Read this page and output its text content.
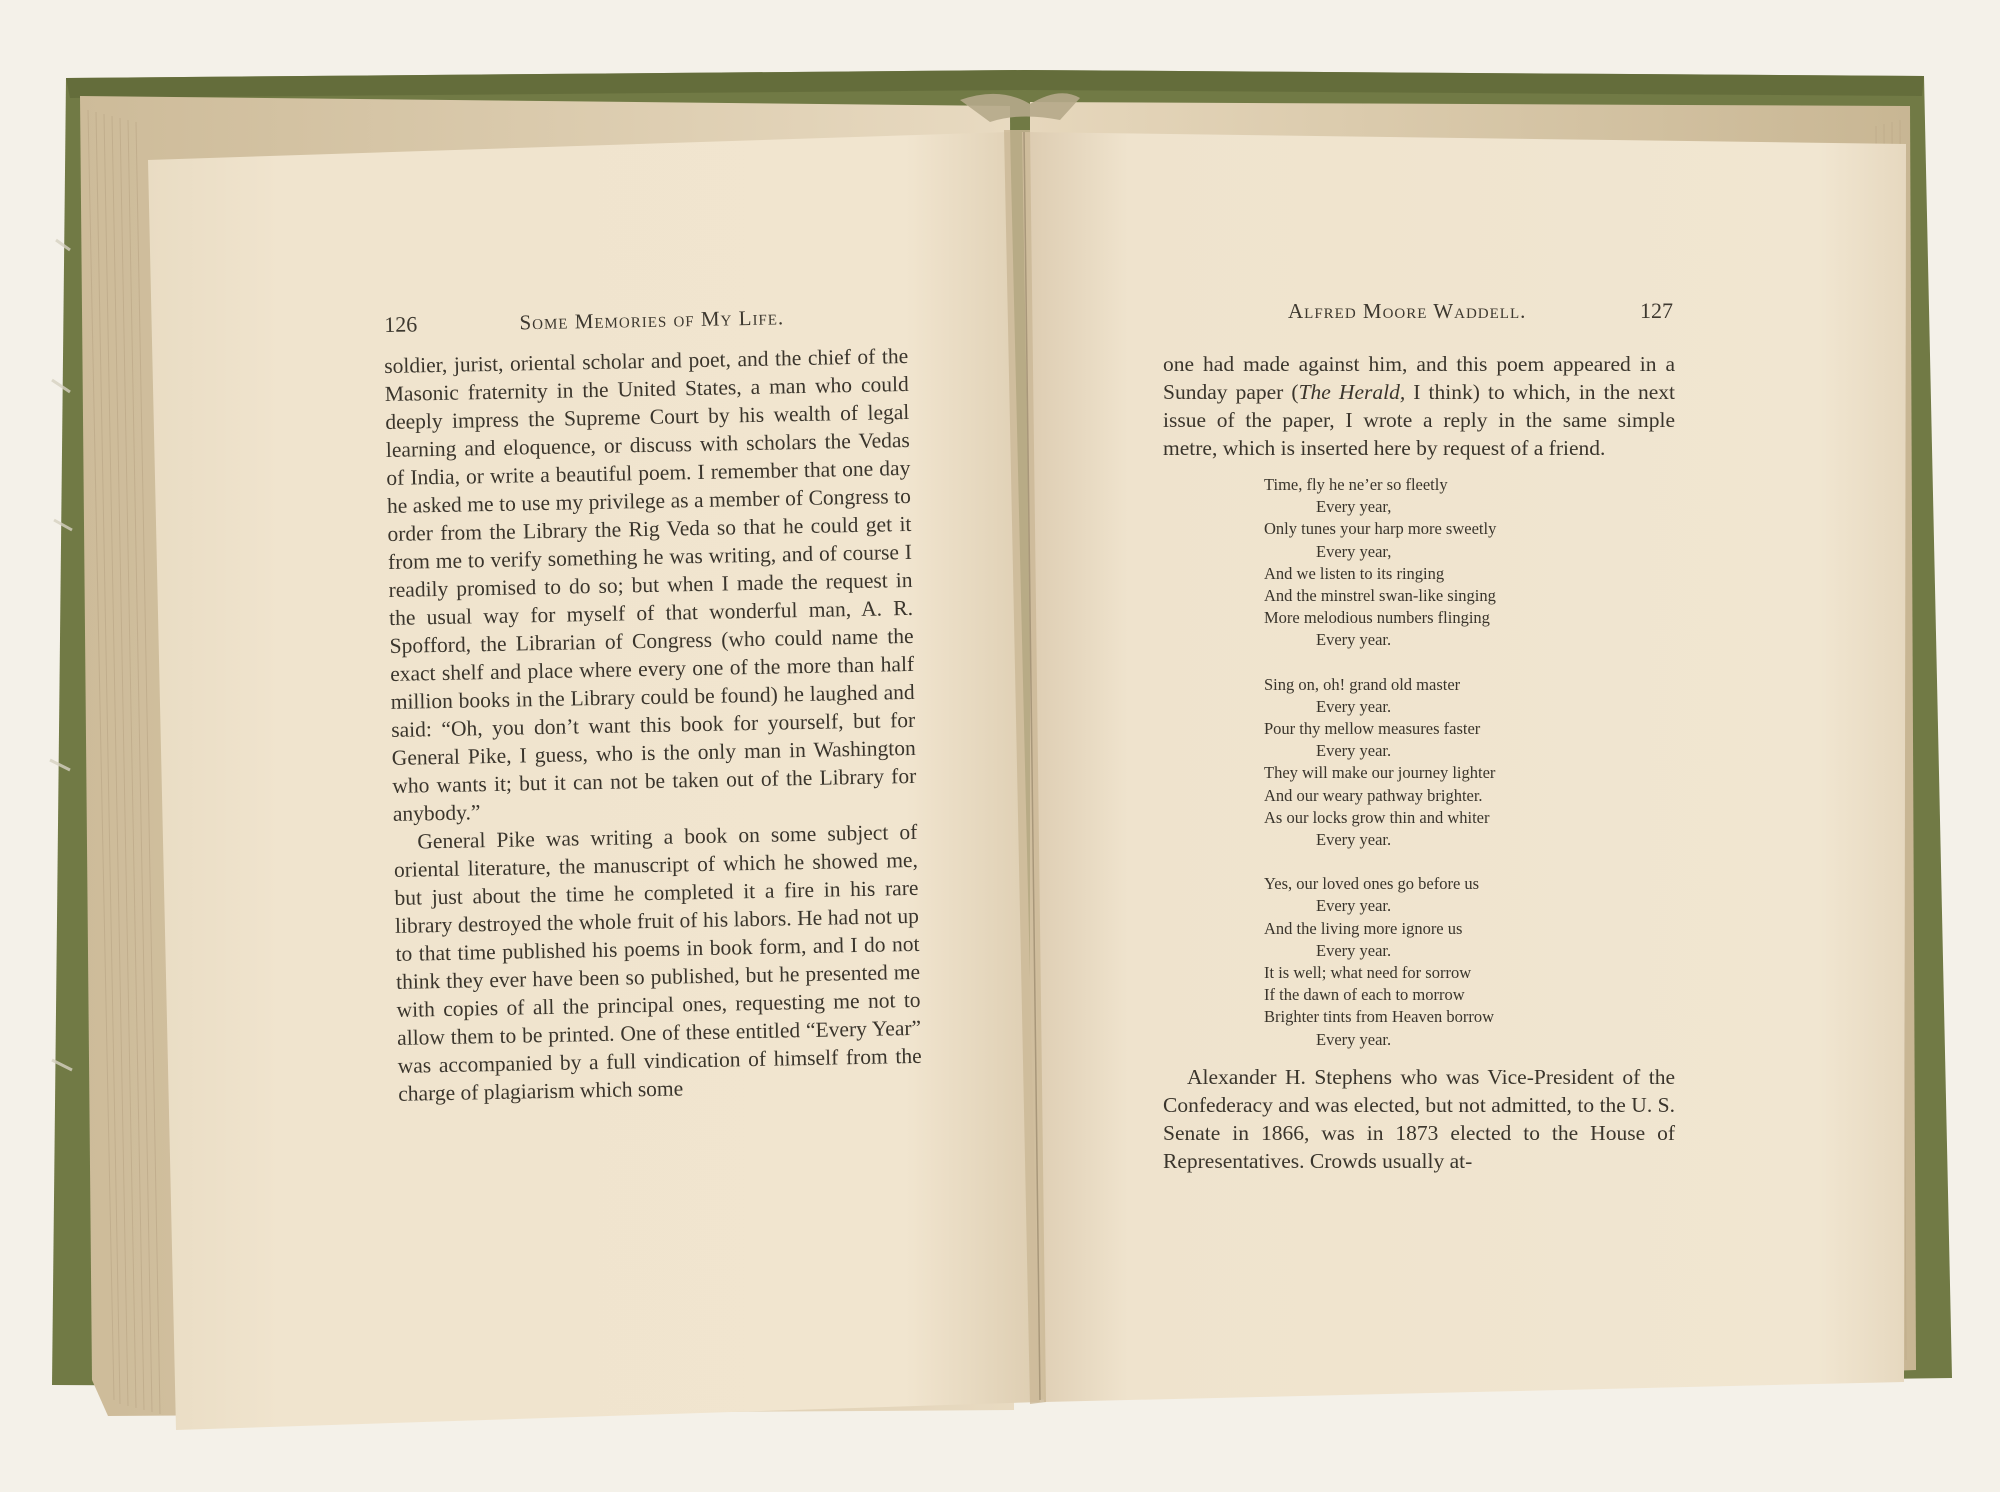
126	Some Memories of My Life.

soldier, jurist, oriental scholar and poet, and the chief of the Masonic fraternity in the United States, a man who could deeply impress the Supreme Court by his wealth of legal learning and eloquence, or discuss with scholars the Vedas of India, or write a beautiful poem. I remember that one day he asked me to use my privilege as a member of Congress to order from the Library the Rig Veda so that he could get it from me to verify something he was writing, and of course I readily promised to do so; but when I made the request in the usual way for myself of that wonderful man, A. R. Spofford, the Librarian of Congress (who could name the exact shelf and place where every one of the more than half million books in the Library could be found) he laughed and said: “Oh, you don’t want this book for yourself, but for General Pike, I guess, who is the only man in Washington who wants it; but it can not be taken out of the Library for anybody.”

General Pike was writing a book on some subject of oriental literature, the manuscript of which he showed me, but just about the time he completed it a fire in his rare library destroyed the whole fruit of his labors. He had not up to that time published his poems in book form, and I do not think they ever have been so published, but he presented me with copies of all the principal ones, requesting me not to allow them to be printed. One of these entitled “Every Year” was accompanied by a full vindication of himself from the charge of plagiarism which some

Alfred Moore Waddell.	127

one had made against him, and this poem appeared in a Sunday paper (The Herald, I think) to which, in the next issue of the paper, I wrote a reply in the same simple metre, which is inserted here by request of a friend.

Time, fly he ne’er so fleetly
Every year,
Only tunes your harp more sweetly
Every year,
And we listen to its ringing
And the minstrel swan-like singing
More melodious numbers flinging
Every year.
Sing on, oh! grand old master
Every year.
Pour thy mellow measures faster
Every year.
They will make our journey lighter
And our weary pathway brighter.
As our locks grow thin and whiter
Every year.
Yes, our loved ones go before us
Every year.
And the living more ignore us
Every year.
It is well; what need for sorrow
If the dawn of each to morrow
Brighter tints from Heaven borrow
Every year.

Alexander H. Stephens who was Vice-President of the Confederacy and was elected, but not admitted, to the U. S. Senate in 1866, was in 1873 elected to the House of Representatives. Crowds usually at-
